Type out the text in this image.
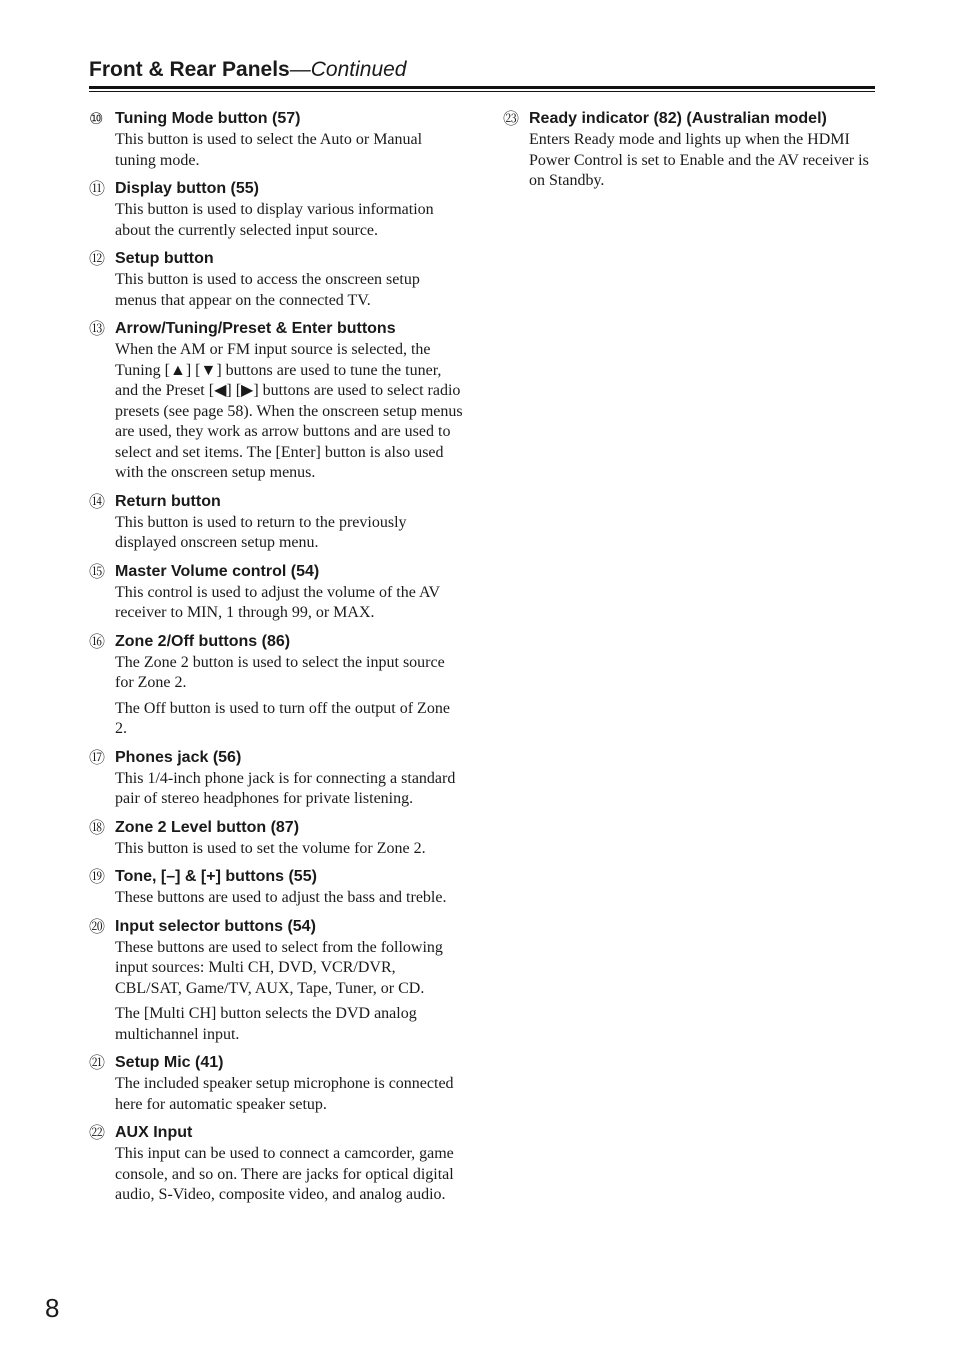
Front & Rear Panels—Continued
⑩ Tuning Mode button (57)
This button is used to select the Auto or Manual tuning mode.
⑪ Display button (55)
This button is used to display various information about the currently selected input source.
⑫ Setup button
This button is used to access the onscreen setup menus that appear on the connected TV.
⑬ Arrow/Tuning/Preset & Enter buttons
When the AM or FM input source is selected, the Tuning [▲] [▼] buttons are used to tune the tuner, and the Preset [◀] [▶] buttons are used to select radio presets (see page 58). When the onscreen setup menus are used, they work as arrow buttons and are used to select and set items. The [Enter] button is also used with the onscreen setup menus.
⑭ Return button
This button is used to return to the previously displayed onscreen setup menu.
⑮ Master Volume control (54)
This control is used to adjust the volume of the AV receiver to MIN, 1 through 99, or MAX.
⑯ Zone 2/Off buttons (86)
The Zone 2 button is used to select the input source for Zone 2.
The Off button is used to turn off the output of Zone 2.
⑰ Phones jack (56)
This 1/4-inch phone jack is for connecting a standard pair of stereo headphones for private listening.
⑱ Zone 2 Level button (87)
This button is used to set the volume for Zone 2.
⑲ Tone, [–] & [+] buttons (55)
These buttons are used to adjust the bass and treble.
⑳ Input selector buttons (54)
These buttons are used to select from the following input sources: Multi CH, DVD, VCR/DVR, CBL/SAT, Game/TV, AUX, Tape, Tuner, or CD.
The [Multi CH] button selects the DVD analog multichannel input.
㉑ Setup Mic (41)
The included speaker setup microphone is connected here for automatic speaker setup.
㉒ AUX Input
This input can be used to connect a camcorder, game console, and so on. There are jacks for optical digital audio, S-Video, composite video, and analog audio.
㉓ Ready indicator (82) (Australian model)
Enters Ready mode and lights up when the HDMI Power Control is set to Enable and the AV receiver is on Standby.
8
